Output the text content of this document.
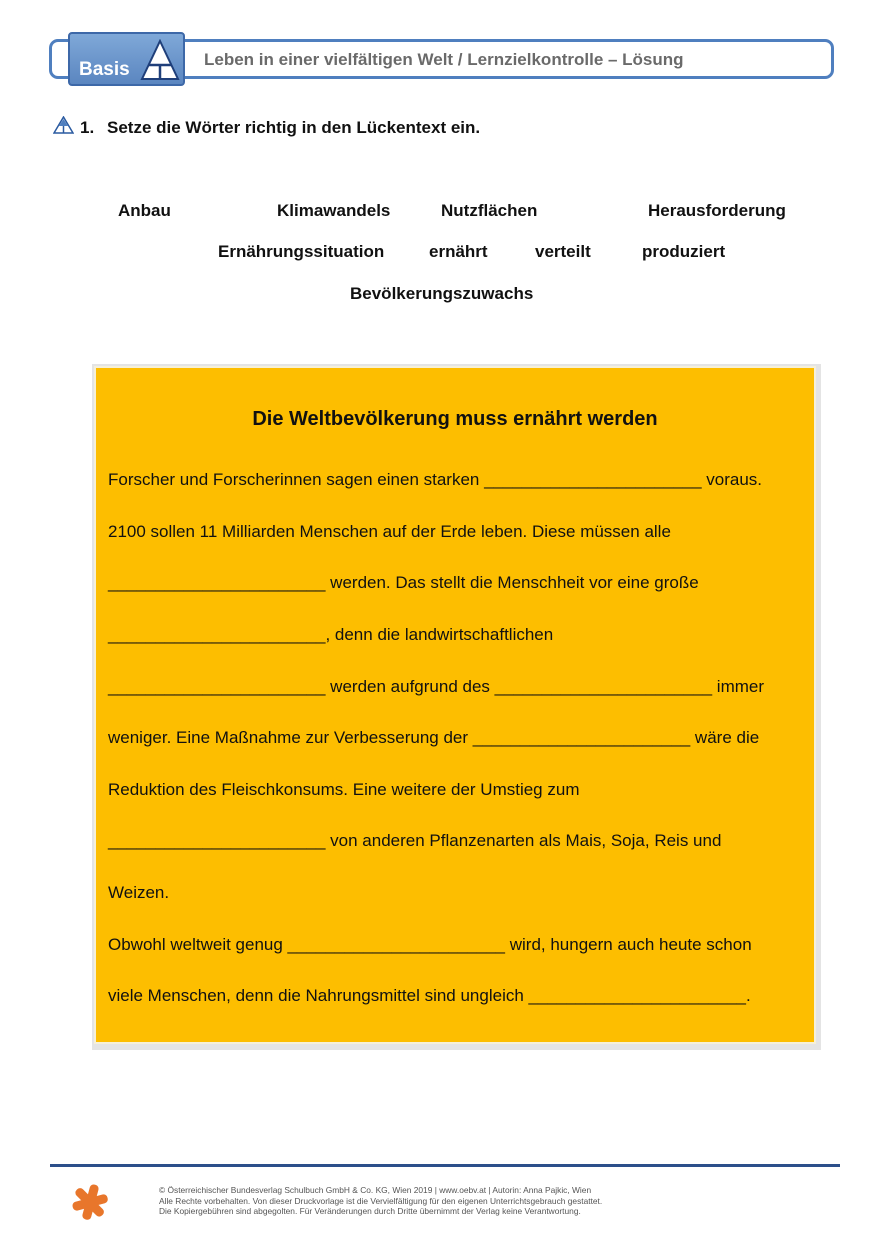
Basis	Leben in einer vielfältigen Welt / Lernzielkontrolle – Lösung
1. Setze die Wörter richtig in den Lückentext ein.
Anbau	Klimawandels	Nutzflächen	Herausforderung
Ernährungssituation	ernährt	verteilt	produziert
Bevölkerungszuwachs
Die Weltbevölkerung muss ernährt werden
Forscher und Forscherinnen sagen einen starken _______________________ voraus.
2100 sollen 11 Milliarden Menschen auf der Erde leben. Diese müssen alle
_______________________ werden. Das stellt die Menschheit vor eine große
_______________________, denn die landwirtschaftlichen
_______________________ werden aufgrund des _______________________ immer
weniger. Eine Maßnahme zur Verbesserung der _______________________ wäre die
Reduktion des Fleischkonsums. Eine weitere der Umstieg zum
_______________________ von anderen Pflanzenarten als Mais, Soja, Reis und
Weizen.
Obwohl weltweit genug _______________________ wird, hungern auch heute schon
viele Menschen, denn die Nahrungsmittel sind ungleich _______________________.
© Österreichischer Bundesverlag Schulbuch GmbH & Co. KG, Wien 2019 | www.oebv.at | Autorin: Anna Pajkic, Wien
Alle Rechte vorbehalten. Von dieser Druckvorlage ist die Vervielfältigung für den eigenen Unterrichtsgebrauch gestattet.
Die Kopiergebühren sind abgegolten. Für Veränderungen durch Dritte übernimmt der Verlag keine Verantwortung.
